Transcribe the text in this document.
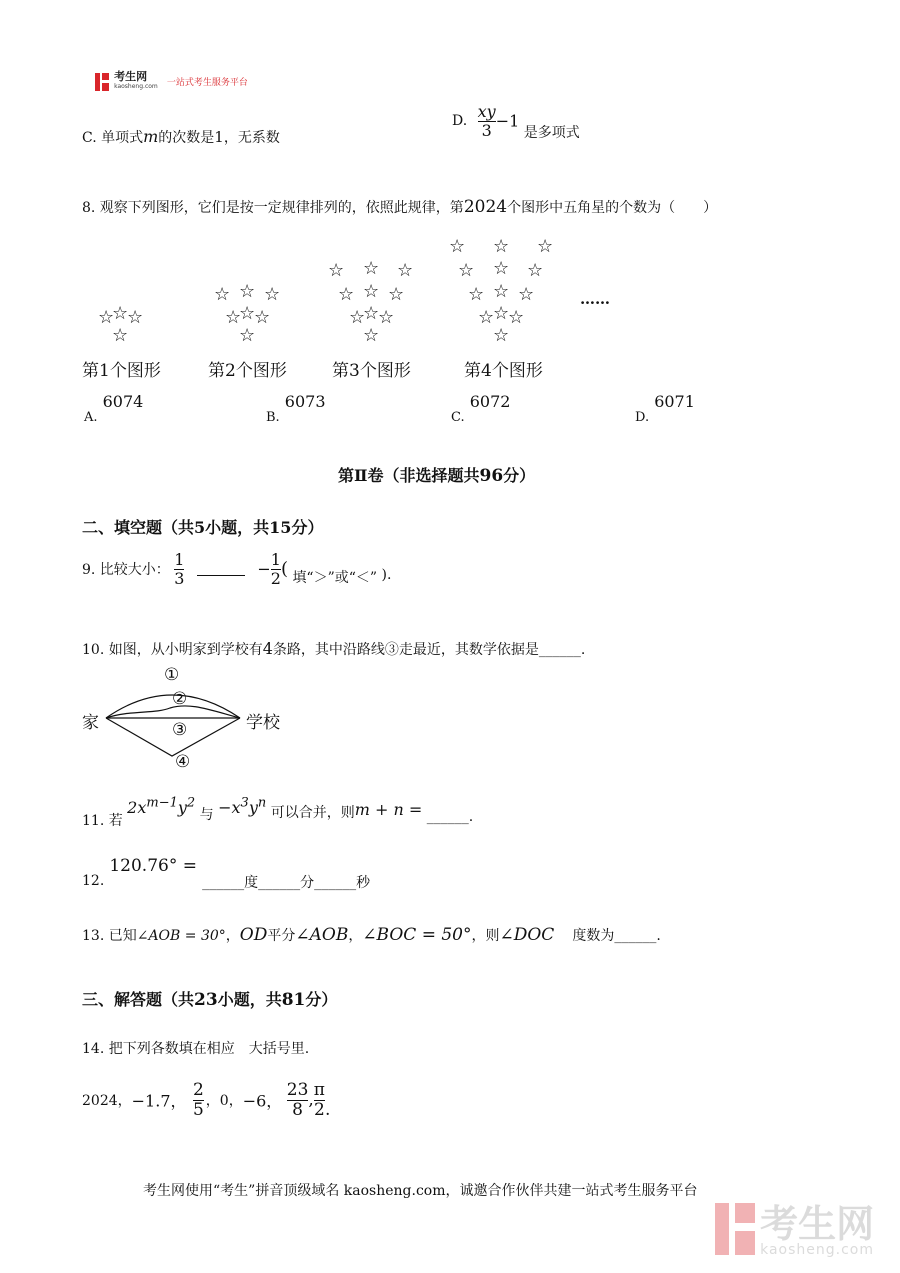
考生网
kaosheng.com 一站式考生服务平台
C. 单项式m的次数是1，无系数
D. $\frac{xy}{3} -1$ 是多项式
8. 观察下列图形，它们是按一定规律排列的，依照此规律，第2024个图形中五角星的个数为（　　）
☆
☆
☆
☆
☆ ☆ ☆
☆
☆
☆
☆
☆ ☆ ☆
☆ ☆ ☆
☆
☆
☆
☆
☆ ☆ ☆
☆ ☆ ☆
☆ ☆ ☆
☆
☆
☆
☆
……
第1个图形	第2个图形	第3个图形	第4个图形
$_{A.}$ 6074
$_{B.}$ 6073
$_{C.}$ 6072
$_{D.}$ 6071
第Ⅱ卷（非选择题共96分）
二、填空题（共5小题，共15分）
9. 比较大小： $\frac{1}{3}$	− $\frac{1}{2}$ ( 填“＞”或“＜” ).
10. 如图，从小明家到学校有4条路，其中沿路线③走最近，其数学依据是______.
家	学校
①
②
③
④
11. 若 $2x^{m-1}y^2$ 与 $-x^3y^n$ 可以合并，则m + n = ______.
12. 120.76° = ______度______分______秒
13. 已知∠AOB = 30°，OD平分∠AOB，∠BOC = 50°，则∠DOC 度数为______.
三、解答题（共23小题，共81分）
14. 把下列各数填在相应　大括号里.
2024，−1.7， $\frac{2}{5}$ ，0，−6， $\frac{23}{8}$ , $\frac{\pi}{2}$ .
考生网使用“考生”拼音顶级域名 kaosheng.com，诚邀合作伙伴共建一站式考生服务平台

考生网
kaosheng.com
